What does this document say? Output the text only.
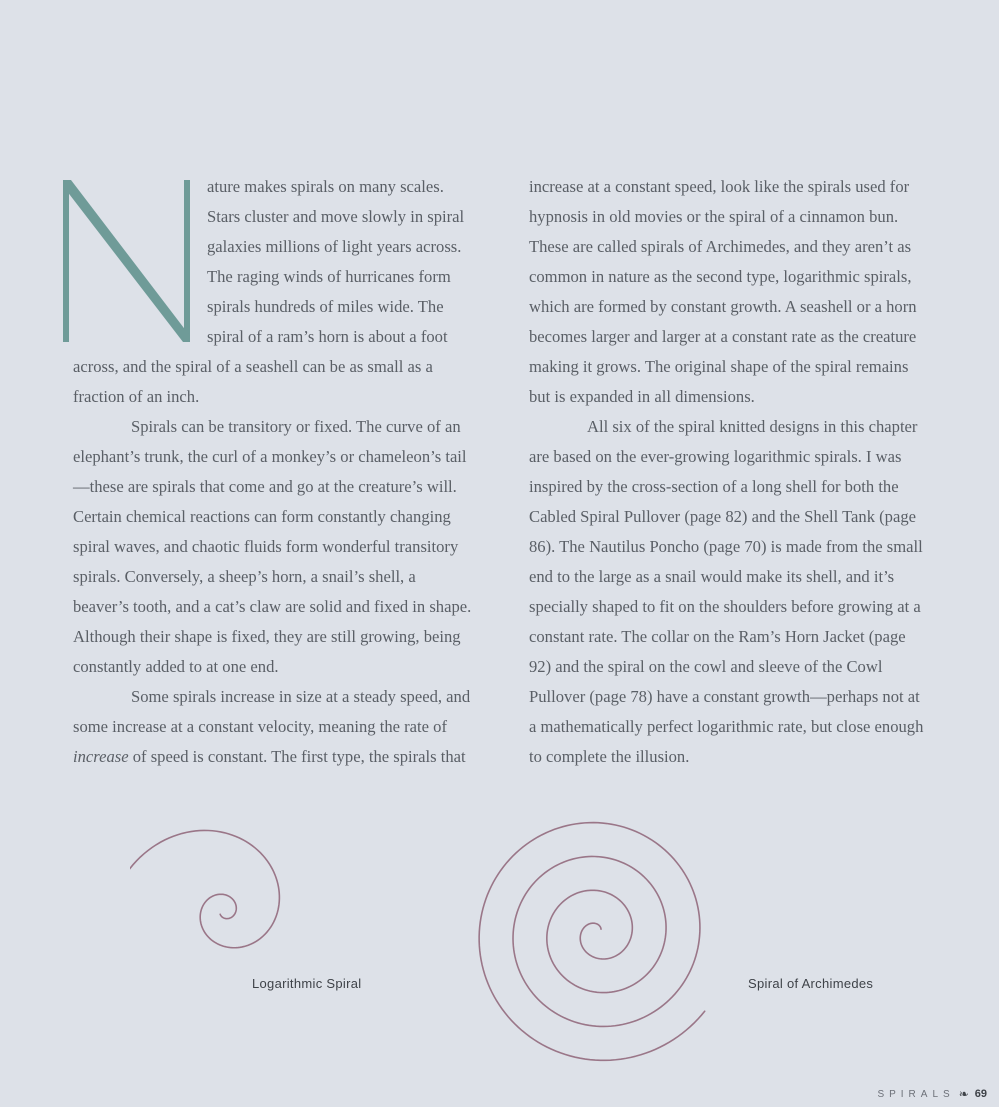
ature makes spirals on many scales. Stars cluster and move slowly in spiral galaxies millions of light years across. The raging winds of hurricanes form spirals hundreds of miles wide. The spiral of a ram’s horn is about a foot across, and the spiral of a seashell can be as small as a fraction of an inch.

Spirals can be transitory or fixed. The curve of an elephant’s trunk, the curl of a monkey’s or chameleon’s tail—these are spirals that come and go at the creature’s will. Certain chemical reactions can form constantly changing spiral waves, and chaotic fluids form wonderful transitory spirals. Conversely, a sheep’s horn, a snail’s shell, a beaver’s tooth, and a cat’s claw are solid and fixed in shape. Although their shape is fixed, they are still growing, being constantly added to at one end.

Some spirals increase in size at a steady speed, and some increase at a constant velocity, meaning the rate of increase of speed is constant. The first type, the spirals that

increase at a constant speed, look like the spirals used for hypnosis in old movies or the spiral of a cinnamon bun. These are called spirals of Archimedes, and they aren’t as common in nature as the second type, logarithmic spirals, which are formed by constant growth. A seashell or a horn becomes larger and larger at a constant rate as the creature making it grows. The original shape of the spiral remains but is expanded in all dimensions.

All six of the spiral knitted designs in this chapter are based on the ever-growing logarithmic spirals. I was inspired by the cross-section of a long shell for both the Cabled Spiral Pullover (page 82) and the Shell Tank (page 86). The Nautilus Poncho (page 70) is made from the small end to the large as a snail would make its shell, and it’s specially shaped to fit on the shoulders before growing at a constant rate. The collar on the Ram’s Horn Jacket (page 92) and the spiral on the cowl and sleeve of the Cowl Pullover (page 78) have a constant growth—perhaps not at a mathematically perfect logarithmic rate, but close enough to complete the illusion.

Logarithmic Spiral	Spiral of Archimedes
SPIRALS ❧ 69
